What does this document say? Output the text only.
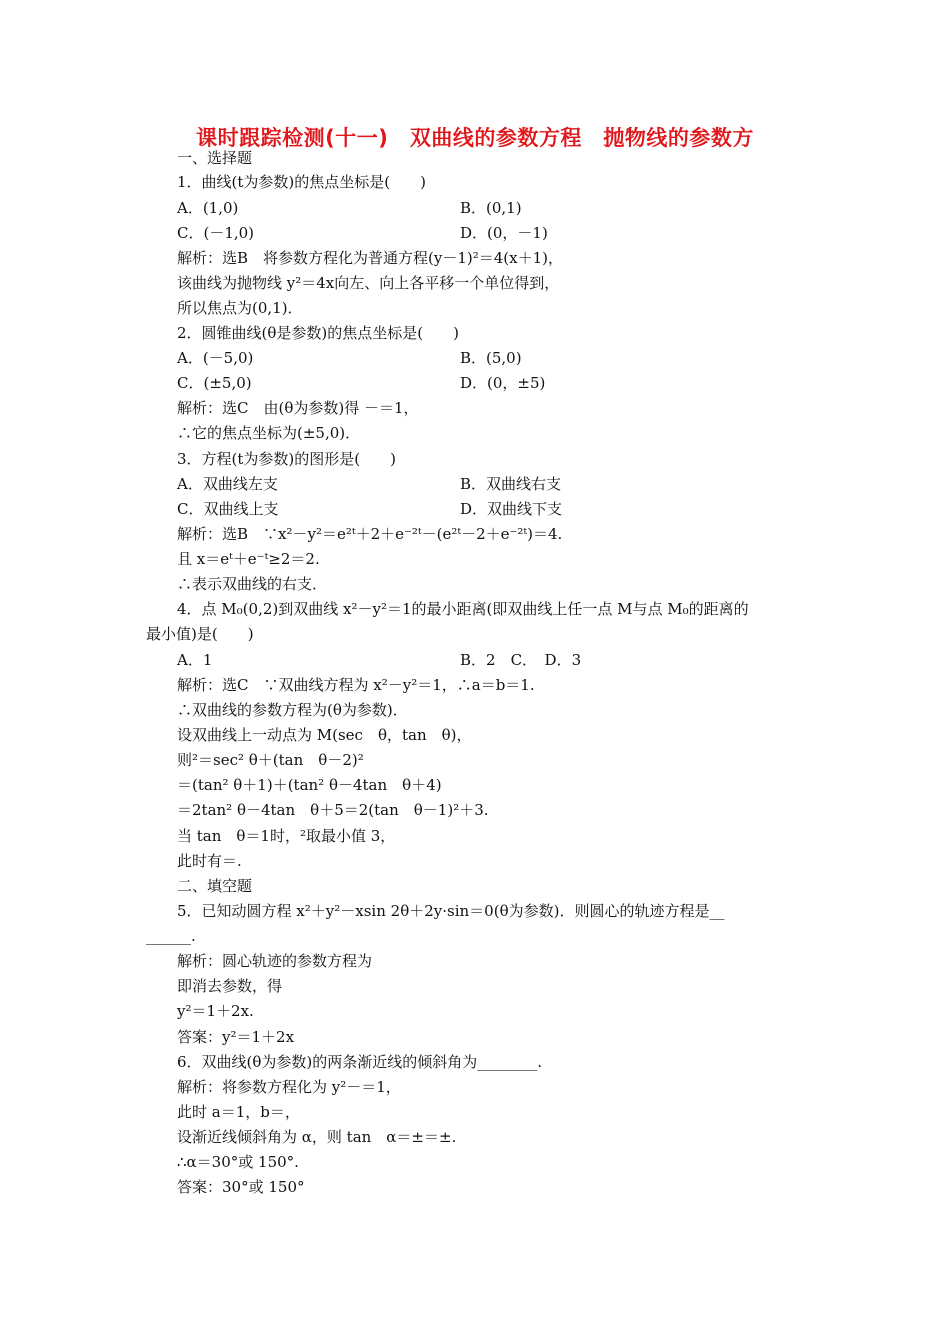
课时跟踪检测(十一)　双曲线的参数方程　抛物线的参数方
一、选择题
1．曲线(t为参数)的焦点坐标是(　　)
A．(1,0)	B．(0,1)
C．(－1,0)	D．(0，－1)
解析：选B　将参数方程化为普通方程(y－1)²＝4(x＋1)，
该曲线为抛物线 y²＝4x向左、向上各平移一个单位得到，
所以焦点为(0,1)．
2．圆锥曲线(θ是参数)的焦点坐标是(　　)
A．(－5,0)	B．(5,0)
C．(±5,0)	D．(0，±5)
解析：选C　由(θ为参数)得 －＝1，
∴它的焦点坐标为(±5,0)．
3．方程(t为参数)的图形是(　　)
A．双曲线左支	B．双曲线右支
C．双曲线上支	D．双曲线下支
解析：选B　∵x²－y²＝e²ᵗ＋2＋e⁻²ᵗ－(e²ᵗ－2＋e⁻²ᵗ)＝4.
且 x＝eᵗ＋e⁻ᵗ≥2＝2.
∴表示双曲线的右支．
4．点 M₀(0,2)到双曲线 x²－y²＝1的最小距离(即双曲线上任一点 M与点 M₀的距离的
最小值)是(　　)
A．1	B．2　C．　D．3
解析：选C　∵双曲线方程为 x²－y²＝1，∴a＝b＝1.
∴双曲线的参数方程为(θ为参数)．
设双曲线上一动点为 M(sec　θ，tan　θ)，
则²＝sec² θ＋(tan　θ－2)²
＝(tan² θ＋1)＋(tan² θ－4tan　θ＋4)
＝2tan² θ－4tan　θ＋5＝2(tan　θ－1)²＋3.
当 tan　θ＝1时，²取最小值 3，
此时有＝.
二、填空题
5．已知动圆方程 x²＋y²－xsin 2θ＋2y·sin＝0(θ为参数)．则圆心的轨迹方程是__
______.
解析：圆心轨迹的参数方程为
即消去参数，得
y²＝1＋2x.
答案：y²＝1＋2x
6．双曲线(θ为参数)的两条渐近线的倾斜角为________.
解析：将参数方程化为 y²－＝1，
此时 a＝1，b＝，
设渐近线倾斜角为 α，则 tan　α＝±＝±.
∴α＝30°或 150°.
答案：30°或 150°
